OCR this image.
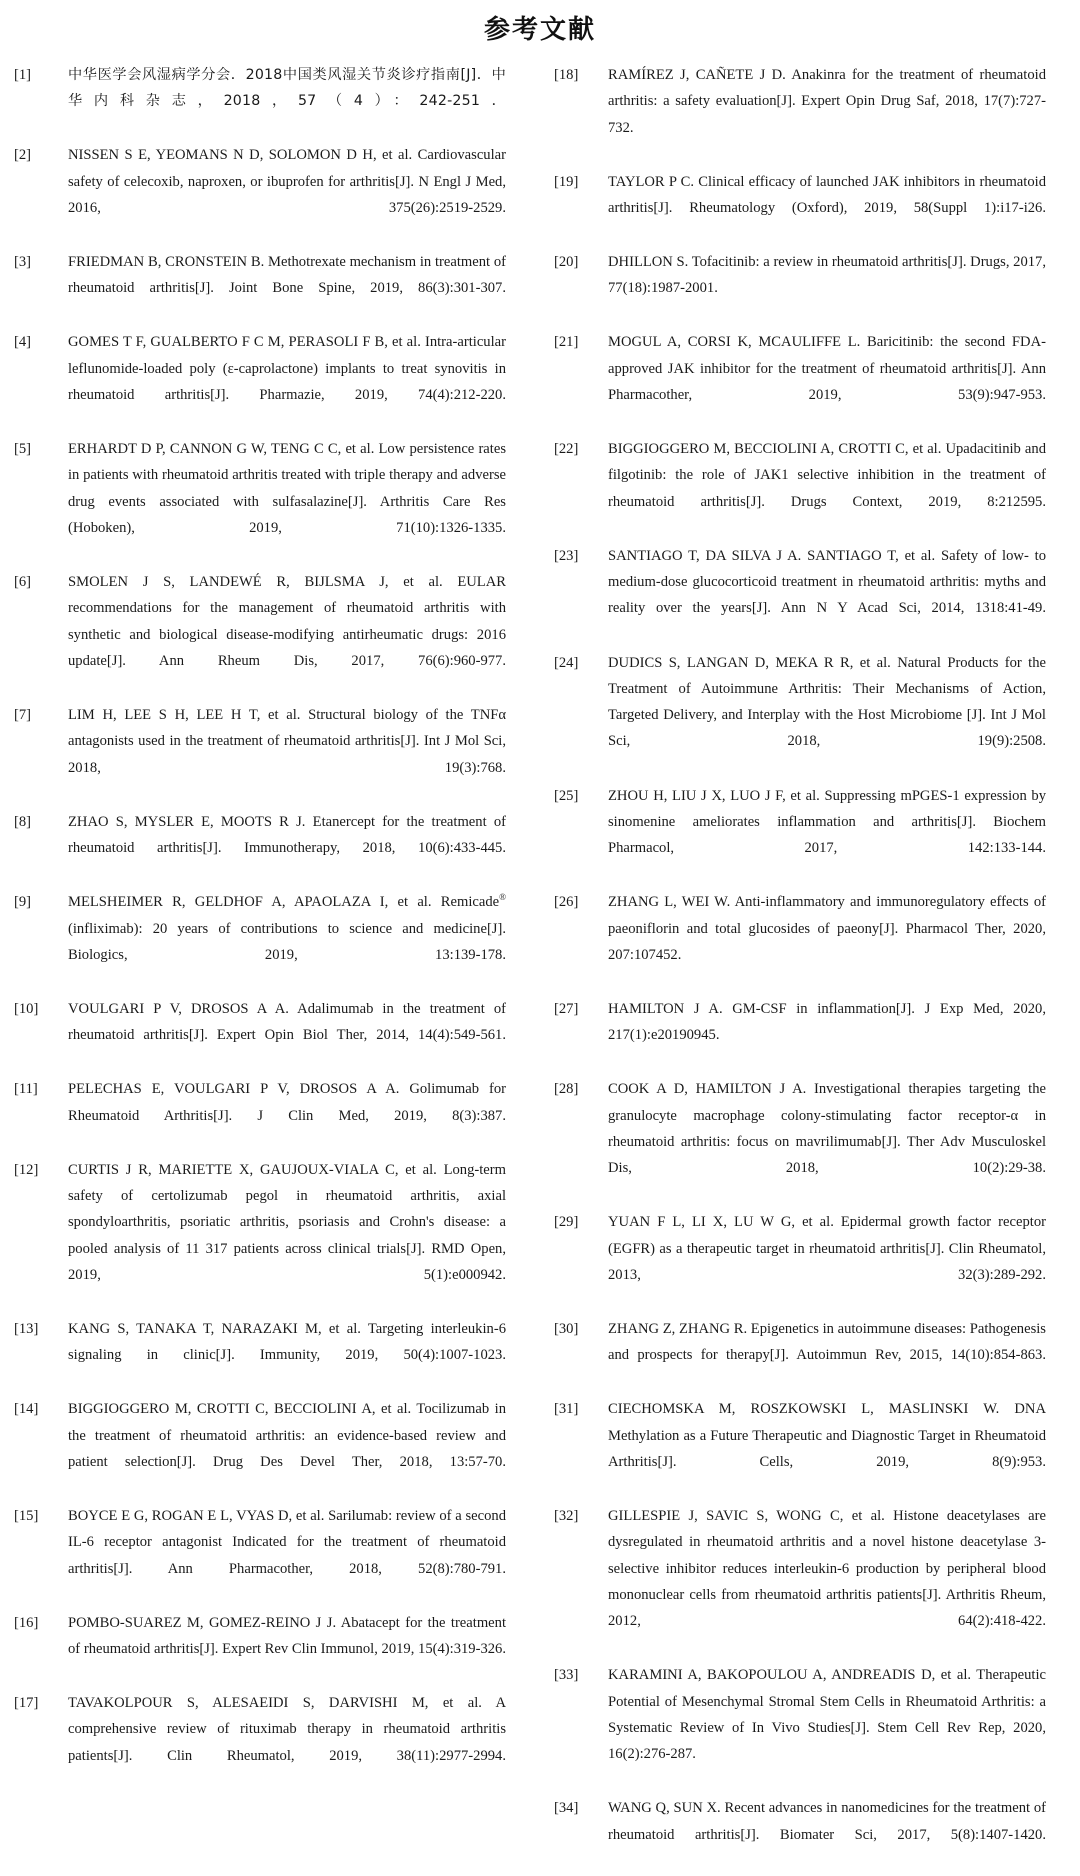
参考文献
[1]	中华医学会风湿病学分会．2018中国类风湿关节炎诊疗指南[J]．中华内科杂志，2018，57（4）：242-251．
[2]	NISSEN S E, YEOMANS N D, SOLOMON D H, et al. Cardiovascular safety of celecoxib, naproxen, or ibuprofen for arthritis[J]. N Engl J Med, 2016, 375(26):2519-2529.
[3]	FRIEDMAN B, CRONSTEIN B. Methotrexate mechanism in treatment of rheumatoid arthritis[J]. Joint Bone Spine, 2019, 86(3):301-307.
[4]	GOMES T F, GUALBERTO F C M, PERASOLI F B, et al. Intra-articular leflunomide-loaded poly (ε-caprolactone) implants to treat synovitis in rheumatoid arthritis[J]. Pharmazie, 2019, 74(4):212-220.
[5]	ERHARDT D P, CANNON G W, TENG C C, et al. Low persistence rates in patients with rheumatoid arthritis treated with triple therapy and adverse drug events associated with sulfasalazine[J]. Arthritis Care Res (Hoboken), 2019, 71(10):1326-1335.
[6]	SMOLEN J S, LANDEWÉ R, BIJLSMA J, et al. EULAR recommendations for the management of rheumatoid arthritis with synthetic and biological disease-modifying antirheumatic drugs: 2016 update[J]. Ann Rheum Dis, 2017, 76(6):960-977.
[7]	LIM H, LEE S H, LEE H T, et al. Structural biology of the TNFα antagonists used in the treatment of rheumatoid arthritis[J]. Int J Mol Sci, 2018, 19(3):768.
[8]	ZHAO S, MYSLER E, MOOTS R J. Etanercept for the treatment of rheumatoid arthritis[J]. Immunotherapy, 2018, 10(6):433-445.
[9]	MELSHEIMER R, GELDHOF A, APAOLAZA I, et al. Remicade® (infliximab): 20 years of contributions to science and medicine[J]. Biologics, 2019, 13:139-178.
[10]	VOULGARI P V, DROSOS A A. Adalimumab in the treatment of rheumatoid arthritis[J]. Expert Opin Biol Ther, 2014, 14(4):549-561.
[11]	PELECHAS E, VOULGARI P V, DROSOS A A. Golimumab for Rheumatoid Arthritis[J]. J Clin Med, 2019, 8(3):387.
[12]	CURTIS J R, MARIETTE X, GAUJOUX-VIALA C, et al. Long-term safety of certolizumab pegol in rheumatoid arthritis, axial spondyloarthritis, psoriatic arthritis, psoriasis and Crohn's disease: a pooled analysis of 11 317 patients across clinical trials[J]. RMD Open, 2019, 5(1):e000942.
[13]	KANG S, TANAKA T, NARAZAKI M, et al. Targeting interleukin-6 signaling in clinic[J]. Immunity, 2019, 50(4):1007-1023.
[14]	BIGGIOGGERO M, CROTTI C, BECCIOLINI A, et al. Tocilizumab in the treatment of rheumatoid arthritis: an evidence-based review and patient selection[J]. Drug Des Devel Ther, 2018, 13:57-70.
[15]	BOYCE E G, ROGAN E L, VYAS D, et al. Sarilumab: review of a second IL-6 receptor antagonist Indicated for the treatment of rheumatoid arthritis[J]. Ann Pharmacother, 2018, 52(8):780-791.
[16]	POMBO-SUAREZ M, GOMEZ-REINO J J. Abatacept for the treatment of rheumatoid arthritis[J]. Expert Rev Clin Immunol, 2019, 15(4):319-326.
[17]	TAVAKOLPOUR S, ALESAEIDI S, DARVISHI M, et al. A comprehensive review of rituximab therapy in rheumatoid arthritis patients[J]. Clin Rheumatol, 2019, 38(11):2977-2994.
[18]	RAMÍREZ J, CAÑETE J D. Anakinra for the treatment of rheumatoid arthritis: a safety evaluation[J]. Expert Opin Drug Saf, 2018, 17(7):727-732.
[19]	TAYLOR P C. Clinical efficacy of launched JAK inhibitors in rheumatoid arthritis[J]. Rheumatology (Oxford), 2019, 58(Suppl 1):i17-i26.
[20]	DHILLON S. Tofacitinib: a review in rheumatoid arthritis[J]. Drugs, 2017, 77(18):1987-2001.
[21]	MOGUL A, CORSI K, MCAULIFFE L. Baricitinib: the second FDA-approved JAK inhibitor for the treatment of rheumatoid arthritis[J]. Ann Pharmacother, 2019, 53(9):947-953.
[22]	BIGGIOGGERO M, BECCIOLINI A, CROTTI C, et al. Upadacitinib and filgotinib: the role of JAK1 selective inhibition in the treatment of rheumatoid arthritis[J]. Drugs Context, 2019, 8:212595.
[23]	SANTIAGO T, DA SILVA J A. SANTIAGO T, et al. Safety of low- to medium-dose glucocorticoid treatment in rheumatoid arthritis: myths and reality over the years[J]. Ann N Y Acad Sci, 2014, 1318:41-49.
[24]	DUDICS S, LANGAN D, MEKA R R, et al. Natural Products for the Treatment of Autoimmune Arthritis: Their Mechanisms of Action, Targeted Delivery, and Interplay with the Host Microbiome [J]. Int J Mol Sci, 2018, 19(9):2508.
[25]	ZHOU H, LIU J X, LUO J F, et al. Suppressing mPGES-1 expression by sinomenine ameliorates inflammation and arthritis[J]. Biochem Pharmacol, 2017, 142:133-144.
[26]	ZHANG L, WEI W. Anti-inflammatory and immunoregulatory effects of paeoniflorin and total glucosides of paeony[J]. Pharmacol Ther, 2020, 207:107452.
[27]	HAMILTON J A. GM-CSF in inflammation[J]. J Exp Med, 2020, 217(1):e20190945.
[28]	COOK A D, HAMILTON J A. Investigational therapies targeting the granulocyte macrophage colony-stimulating factor receptor-α in rheumatoid arthritis: focus on mavrilimumab[J]. Ther Adv Musculoskel Dis, 2018, 10(2):29-38.
[29]	YUAN F L, LI X, LU W G, et al. Epidermal growth factor receptor (EGFR) as a therapeutic target in rheumatoid arthritis[J]. Clin Rheumatol, 2013, 32(3):289-292.
[30]	ZHANG Z, ZHANG R. Epigenetics in autoimmune diseases: Pathogenesis and prospects for therapy[J]. Autoimmun Rev, 2015, 14(10):854-863.
[31]	CIECHOMSKA M, ROSZKOWSKI L, MASLINSKI W. DNA Methylation as a Future Therapeutic and Diagnostic Target in Rheumatoid Arthritis[J]. Cells, 2019, 8(9):953.
[32]	GILLESPIE J, SAVIC S, WONG C, et al. Histone deacetylases are dysregulated in rheumatoid arthritis and a novel histone deacetylase 3-selective inhibitor reduces interleukin-6 production by peripheral blood mononuclear cells from rheumatoid arthritis patients[J]. Arthritis Rheum, 2012, 64(2):418-422.
[33]	KARAMINI A, BAKOPOULOU A, ANDREADIS D, et al. Therapeutic Potential of Mesenchymal Stromal Stem Cells in Rheumatoid Arthritis: a Systematic Review of In Vivo Studies[J]. Stem Cell Rev Rep, 2020, 16(2):276-287.
[34]	WANG Q, SUN X. Recent advances in nanomedicines for the treatment of rheumatoid arthritis[J]. Biomater Sci, 2017, 5(8):1407-1420.
